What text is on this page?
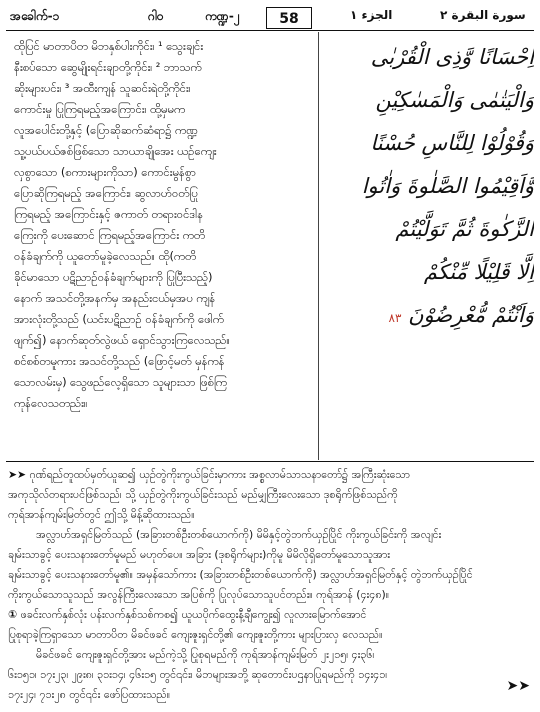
အခေါက်-၁	ဂါဝ	ကဏ္ဍ-၂	58	الجزء ١	سورة البقرة ٢
ထိုပြင် မာတာပိတ မိဘနှစ်ပါးကိုင်း၊ ¹ သွေးချင်း
နီးစပ်သော ဆွေမျိုးရင်းချာတို့ကိုင်း၊ ² ဘာသက်
ဆိုးများပင်း၊ ³ အထီးကျန် သူဆင်းရဲတို့ကိုင်း၊
ကောင်းမှု ပြုကြရမည့်အကြောင်း၊ ထို့မှမက
လူအပေါင်းတို့နှင့် (ပြောဆိုဆက်ဆံရာ၌ ကဏ္ဍ
သူ့ပယ်ပယ်ဇစ်ဖြစ်သော သာယာချိုအေး ယဉ်ကျေး
လှစွာသော (စကားများကိုသာ) ကောင်းမွန်စွာ
ပြောဆိုကြရမည့် အကြောင်း၊ ဆွလာဟ်ဝတ်ပြု
ကြရမည့် အကြောင်းနှင့် ဇကာတ် တရားဝင်ဒါန
ကြေးကို ပေးဆောင် ကြရမည့်အကြောင်း ကတိ
ဝန်ခံချက်ကို ယူတော်မူခဲ့လေသည်။ ထို(ကတိ
ခိုင်မာသော ပဋိညာဉ်ဝန်ခံချက်များကို ပြုပြီးသည့်)
နောက် အသင်တို့အနက်မှ အနည်းငယ်မှအပ ကျန်
အားလုံးတို့သည် (ယင်းပဋိညာဉ် ဝန်ခံချက်ကို ဖေါက်
ဖျက်၍) နောက်ဆုတ်လွဲဖယ် ရှောင်သွားကြလေသည်။
စင်စစ်တမူကား အသင်တို့သည် (ဖြောင့်မတ် မှန်ကန်
သောလမ်းမှ) သွေဖည်လေ့ရှိသော သူများသာ ဖြစ်ကြ
ကုန်လေသတည်း။
اِحْسَانًا وَّذِى الْقُرْبٰى
وَالْيَتٰمٰى وَالْمَسٰكِيْنِ
وَقُوْلُوْا لِلنَّاسِ حُسْنًا
وَّاَقِيْمُوا الصَّلٰوةَ وَاٰتُوا
الزَّكٰوةَ ثُمَّ تَوَلَّيْتُمْ
اِلَّا قَلِيْلًا مِّنْكُمْ
وَاَنْتُمْ مُّعْرِضُوْنَ ٨٣
➤➤ ဂုဏ်ရည်တူထပ်မှတ်ယူဆ၍ ယှဉ်တွဲကိုးကွယ်ခြင်းမှာကား အစ္စလာမ်သာသနာတော်၌ အကြီးဆုံးသော
အကုသိုလ်တရားပင်ဖြစ်သည်၊ သို့ ယှဉ်တွဲကိုးကွယ်ခြင်းသည် မည်မျှကြီးလေးသော ဒုစရိုက်ဖြစ်သည်ကို
ကုရ်အာန်ကျမ်းမြတ်တွင် ဤသို့ မိန့်ဆိုထားသည်။
အလ္လာဟ်အရှင်မြတ်သည် (အခြားတစ်ဦးတစ်ယောက်ကို) မိမိနှင့်တွဲဘက်ယှဉ်ပြိုင် ကိုးကွယ်ခြင်းကို အလျင်း
ချမ်းသာခွင့် ပေးသနားတော်မူမည် မဟုတ်ပေ။ အခြား (ဒုစရိုက်များ)ကိုမူ မိမိလိုရှိတော်မူသောသူအား
ချမ်းသာခွင့် ပေးသနားတော်မူ၏။ အမှန်သော်ကား (အခြားတစ်ဦးတစ်ယောက်ကို) အလ္လာဟ်အရှင်မြတ်နှင့် တွဲဘက်ယှဉ်ပြိုင်
ကိုးကွယ်သောသူသည် အလွန်ကြီးလေးသော အပြစ်ကို ပြုလုပ်သောသူပင်တည်း။ ကုရ်အာန် (၄း၄၈)။
① ဖခင်းလက်နှစ်လုံး ပန်းလက်နှစ်သစ်ကစ၍ ယူယပိုက်ထွေးနီ့ချီကျွေး၍ လူလားမြောက်အောင်
ပြုစုရာခဲ့ကြရှာသော မာတာပိတ မိခင်ဖခင် ကျေးဇူးရှင်တို့၏ ကျေးဇူးတို့ကား များပြားလှ လေသည်။
မိခင်ဖခင် ကျေးဇူးရှင်တို့အား မည်ကဲ့သို့ ပြုစုရမည်ကို ကုရ်အာန်ကျမ်းမြတ် ၂း၂၁၅၊ ၄း၃၆၊
၆း၁၅၁၊ ၁၇း၂၃၊ ၂၉း၈၊ ၃၁း၁၄၊ ၄၆း၁၅ တွင်၎င်း၊ မိဘများအဘို့ ဆုတောင်းပဌနာပြုရမည်ကို ၁၄း၄၁၊
၁၇း၂၄၊ ၇၁း၂၈ တွင်၎င်း ဖော်ပြထားသည်။
➤➤
